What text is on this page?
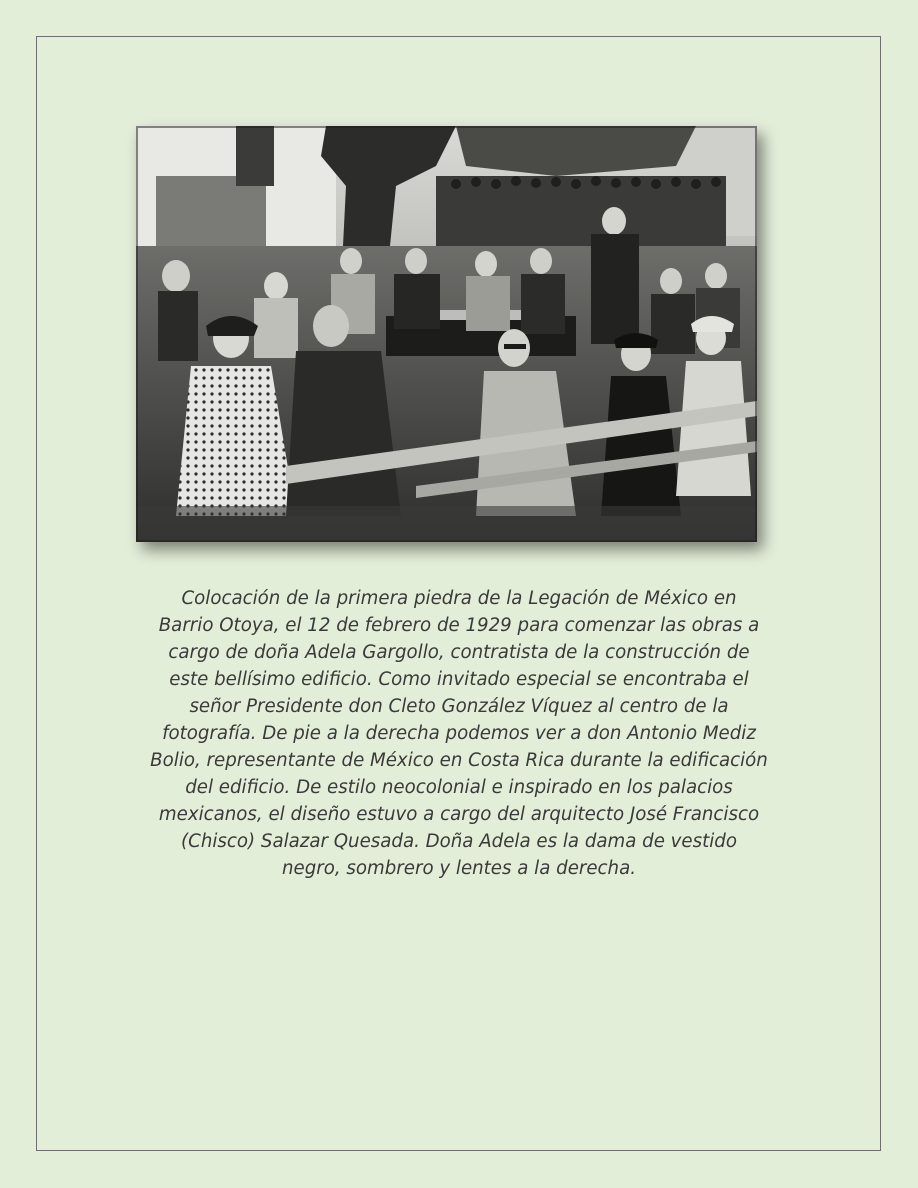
Colocación de la primera piedra de la Legación de México en
Barrio Otoya, el 12 de febrero de 1929 para comenzar las obras a
cargo de doña Adela Gargollo, contratista de la construcción de
este bellísimo edificio. Como invitado especial se encontraba el
señor Presidente don Cleto González Víquez al centro de la
fotografía. De pie a la derecha podemos ver a don Antonio Mediz
Bolio, representante de México en Costa Rica durante la edificación
del edificio. De estilo neocolonial e inspirado en los palacios
mexicanos, el diseño estuvo a cargo del arquitecto José Francisco
(Chisco) Salazar Quesada. Doña Adela es la dama de vestido
negro, sombrero y lentes a la derecha.
